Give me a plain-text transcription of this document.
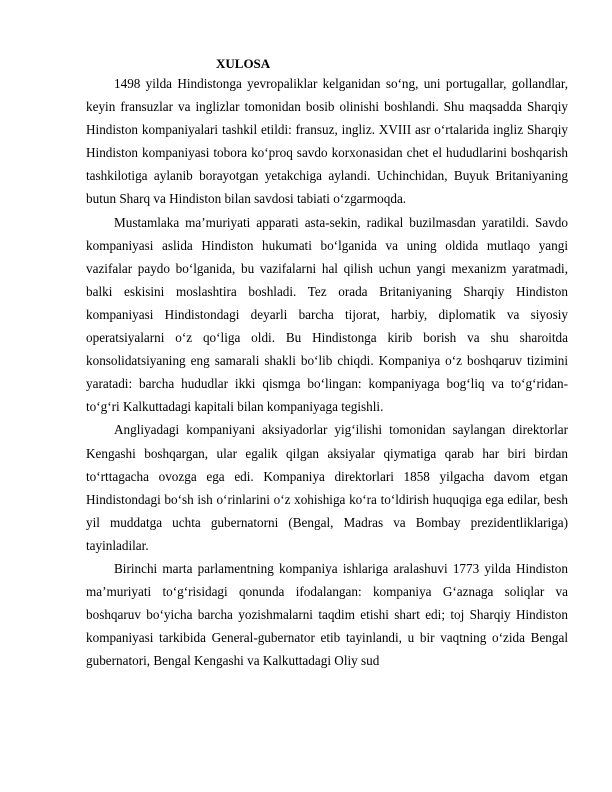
XULOSA

1498 yilda Hindistonga yevropaliklar kelganidan so‘ng, uni portugallar, gollandlar, keyin fransuzlar va inglizlar tomonidan bosib olinishi boshlandi. Shu maqsadda Sharqiy Hindiston kompaniyalari tashkil etildi: fransuz, ingliz. XVIII asr o‘rtalarida ingliz Sharqiy Hindiston kompaniyasi tobora ko‘proq savdo korxonasidan chet el hududlarini boshqarish tashkilotiga aylanib borayotgan yetakchiga aylandi. Uchinchidan, Buyuk Britaniyaning butun Sharq va Hindiston bilan savdosi tabiati o‘zgarmoqda.

Mustamlaka ma’muriyati apparati asta-sekin, radikal buzilmasdan yaratildi. Savdo kompaniyasi aslida Hindiston hukumati bo‘lganida va uning oldida mutlaqo yangi vazifalar paydo bo‘lganida, bu vazifalarni hal qilish uchun yangi mexanizm yaratmadi, balki eskisini moslashtira boshladi. Tez orada Britaniyaning Sharqiy Hindiston kompaniyasi Hindistondagi deyarli barcha tijorat, harbiy, diplomatik va siyosiy operatsiyalarni o‘z qo‘liga oldi. Bu Hindistonga kirib borish va shu sharoitda konsolidatsiyaning eng samarali shakli bo‘lib chiqdi. Kompaniya o‘z boshqaruv tizimini yaratadi: barcha hududlar ikki qismga bo‘lingan: kompaniyaga bog‘liq va to‘g‘ridan-to‘g‘ri Kalkuttadagi kapitali bilan kompaniyaga tegishli.

Angliyadagi kompaniyani aksiyadorlar yig‘ilishi tomonidan saylangan direktorlar Kengashi boshqargan, ular egalik qilgan aksiyalar qiymatiga qarab har biri birdan to‘rttagacha ovozga ega edi. Kompaniya direktorlari 1858 yilgacha davom etgan Hindistondagi bo‘sh ish o‘rinlarini o‘z xohishiga ko‘ra to‘ldirish huquqiga ega edilar, besh yil muddatga uchta gubernatorni (Bengal, Madras va Bombay prezidentliklariga) tayinladilar.

Birinchi marta parlamentning kompaniya ishlariga aralashuvi 1773 yilda Hindiston ma’muriyati to‘g‘risidagi qonunda ifodalangan: kompaniya G‘aznaga soliqlar va boshqaruv bo‘yicha barcha yozishmalarni taqdim etishi shart edi; toj Sharqiy Hindiston kompaniyasi tarkibida General-gubernator etib tayinlandi, u bir vaqtning o‘zida Bengal gubernatori, Bengal Kengashi va Kalkuttadagi Oliy sud
